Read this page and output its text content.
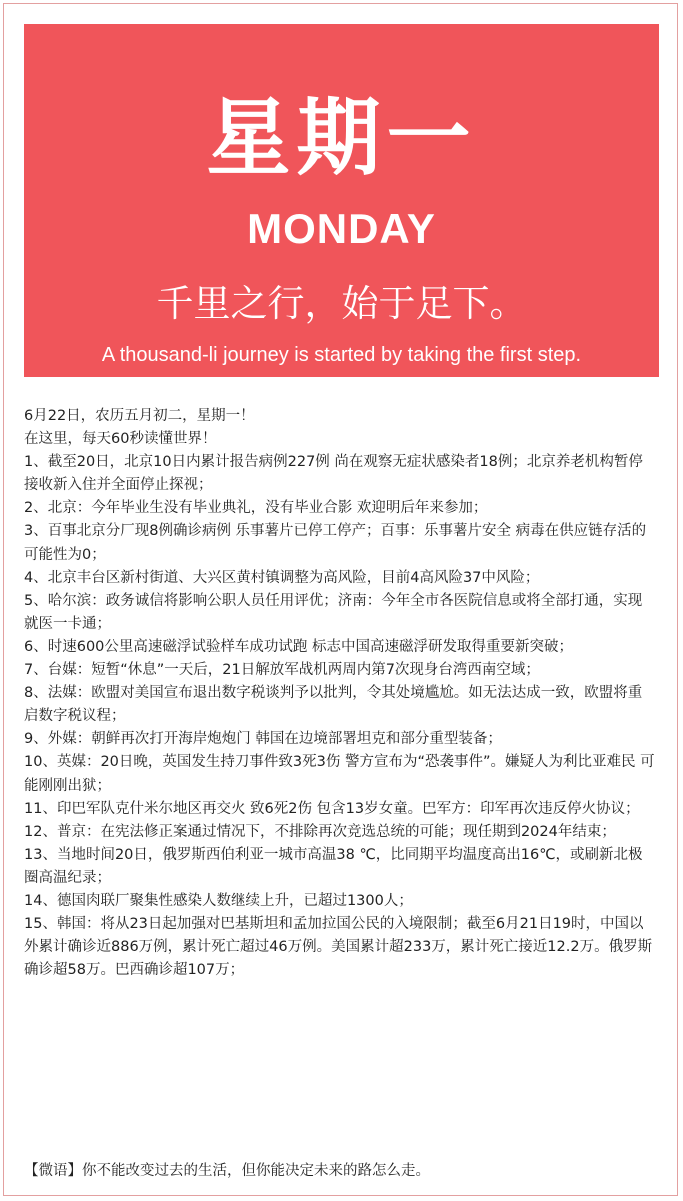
星期一
MONDAY
千里之行，始于足下。
A thousand-li journey is started by taking the first step.

6月22日，农历五月初二，星期一！

在这里，每天60秒读懂世界！

1、截至20日，北京10日内累计报告病例227例 尚在观察无症状感染者18例；北京养老机构暂停接收新入住并全面停止探视；

2、北京：今年毕业生没有毕业典礼，没有毕业合影 欢迎明后年来参加；

3、百事北京分厂现8例确诊病例 乐事薯片已停工停产；百事：乐事薯片安全 病毒在供应链存活的可能性为0；

4、北京丰台区新村街道、大兴区黄村镇调整为高风险，目前4高风险37中风险；

5、哈尔滨：政务诚信将影响公职人员任用评优；济南：今年全市各医院信息或将全部打通，实现就医一卡通；

6、时速600公里高速磁浮试验样车成功试跑 标志中国高速磁浮研发取得重要新突破；

7、台媒：短暂“休息”一天后，21日解放军战机两周内第7次现身台湾西南空域；

8、法媒：欧盟对美国宣布退出数字税谈判予以批判，令其处境尴尬。如无法达成一致，欧盟将重启数字税议程；

9、外媒：朝鲜再次打开海岸炮炮门 韩国在边境部署坦克和部分重型装备；

10、英媒：20日晚，英国发生持刀事件致3死3伤 警方宣布为“恐袭事件”。嫌疑人为利比亚难民 可能刚刚出狱；

11、印巴军队克什米尔地区再交火 致6死2伤 包含13岁女童。巴军方：印军再次违反停火协议；

12、普京：在宪法修正案通过情况下，不排除再次竞选总统的可能；现任期到2024年结束；

13、当地时间20日，俄罗斯西伯利亚一城市高温38 ℃，比同期平均温度高出16℃，或刷新北极圈高温纪录；

14、德国肉联厂聚集性感染人数继续上升，已超过1300人；

15、韩国：将从23日起加强对巴基斯坦和孟加拉国公民的入境限制；截至6月21日19时，中国以外累计确诊近886万例，累计死亡超过46万例。美国累计超233万，累计死亡接近12.2万。俄罗斯确诊超58万。巴西确诊超107万；

【微语】你不能改变过去的生活，但你能决定未来的路怎么走。
